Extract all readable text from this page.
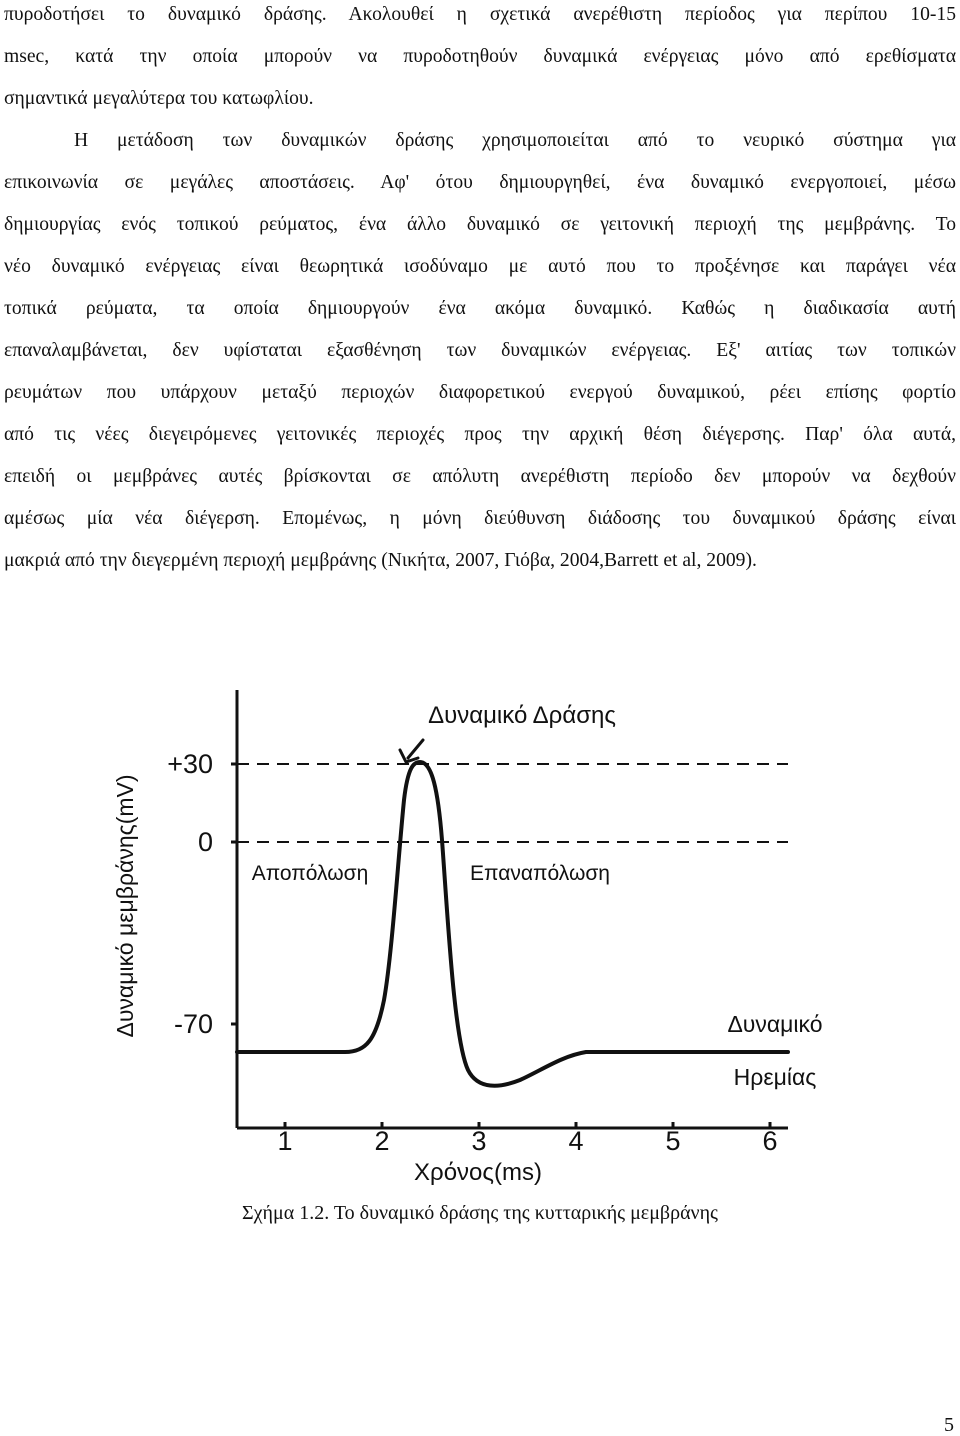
πυροδοτήσει το δυναμικό δράσης. Ακολουθεί η σχετικά ανερέθιστη περίοδος για περίπου 10-15
msec, κατά την οποία μπορούν να πυροδοτηθούν δυναμικά ενέργειας μόνο από ερεθίσματα
σημαντικά μεγαλύτερα του κατωφλίου.
Η μετάδοση των δυναμικών δράσης χρησιμοποιείται από το νευρικό σύστημα για
επικοινωνία σε μεγάλες αποστάσεις. Αφ' ότου δημιουργηθεί, ένα δυναμικό ενεργοποιεί, μέσω
δημιουργίας ενός τοπικού ρεύματος, ένα άλλο δυναμικό σε γειτονική περιοχή της μεμβράνης. Το
νέο δυναμικό ενέργειας είναι θεωρητικά ισοδύναμο με αυτό που το προξένησε και παράγει νέα
τοπικά ρεύματα, τα οποία δημιουργούν ένα ακόμα δυναμικό. Καθώς η διαδικασία αυτή
επαναλαμβάνεται, δεν υφίσταται εξασθένηση των δυναμικών ενέργειας. Εξ' αιτίας των τοπικών
ρευμάτων που υπάρχουν μεταξύ περιοχών διαφορετικού ενεργού δυναμικού, ρέει επίσης φορτίο
από τις νέες διεγειρόμενες γειτονικές περιοχές προς την αρχική θέση διέγερσης. Παρ' όλα αυτά,
επειδή οι μεμβράνες αυτές βρίσκονται σε απόλυτη ανερέθιστη περίοδο δεν μπορούν να δεχθούν
αμέσως μία νέα διέγερση. Επομένως, η μόνη διεύθυνση διάδοσης του δυναμικού δράσης είναι
μακριά από την διεγερμένη περιοχή μεμβράνης (Νικήτα, 2007, Γιόβα, 2004,Barrett et al, 2009).
+30
0
-70
1	2	3	4	5	6
Δυναμικό Δράσης
Αποπόλωση	Επαναπόλωση
Δυναμικό
Ηρεμίας
Δυναμικό μεμβράνης(mV)
Χρόνος(ms)
Σχήμα 1.2. Το δυναμικό δράσης της κυτταρικής μεμβράνης
5
